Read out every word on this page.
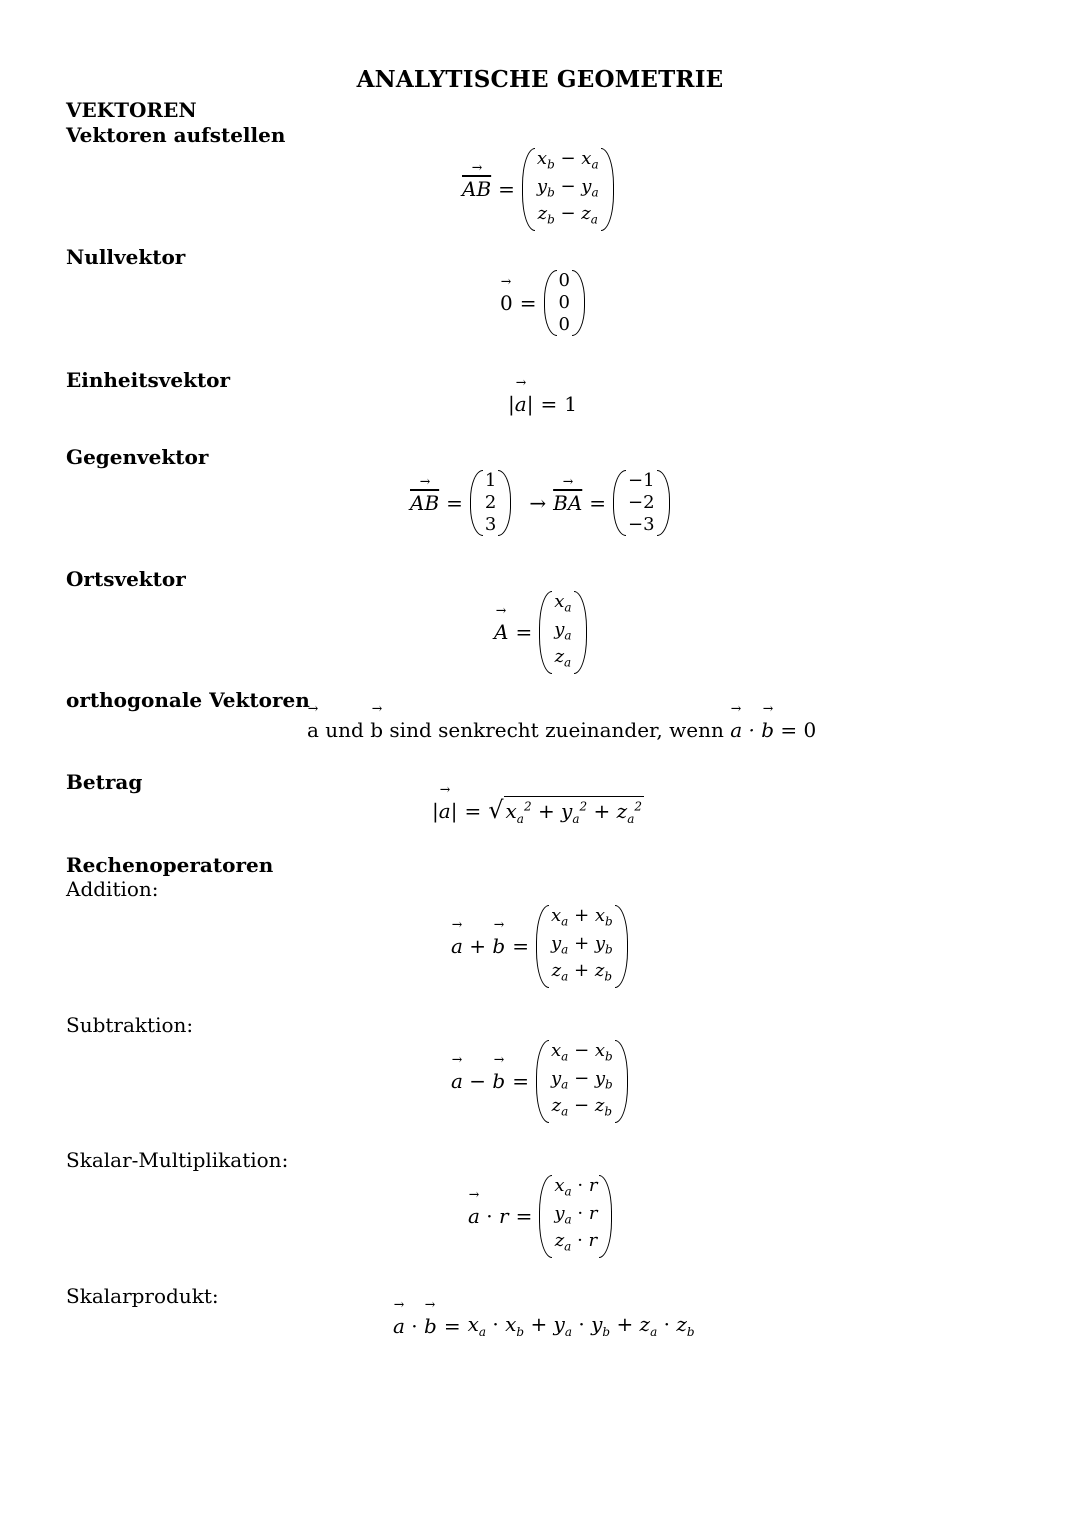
ANALYTISCHE GEOMETRIE
VEKTOREN
Vektoren aufstellen
→ $\overline{AB}$ =
$x_b - x_a$
$y_b - y_a$
$z_b - z_a$
Nullvektor
→ 0 =
0
0
0
Einheitsvektor
|→ a| = 1
Gegenvektor
→ $\overline{AB}$ =
1
2
3
→ → $\overline{BA}$ =
−1
−2
−3
Ortsvektor
→ A =
$x_a$
$y_a$
$z_a$
orthogonale Vektoren
→ a und → b sind senkrecht zueinander, wenn → a · → b = 0
Betrag
|→ a| = √ $x_a^2 + y_a^2 + z_a^2$
Rechenoperatoren
Addition:
→ a + → b =
$x_a + x_b$
$y_a + y_b$
$z_a + z_b$
Subtraktion:
→ a − → b =
$x_a - x_b$
$y_a - y_b$
$z_a - z_b$
Skalar-Multiplikation:
→ a · r =
$x_a \cdot r$
$y_a \cdot r$
$z_a \cdot r$
Skalarprodukt:
→ a
·
→ $b = x_a \cdot x_b + y_a \cdot y_b + z_a \cdot z_b$
